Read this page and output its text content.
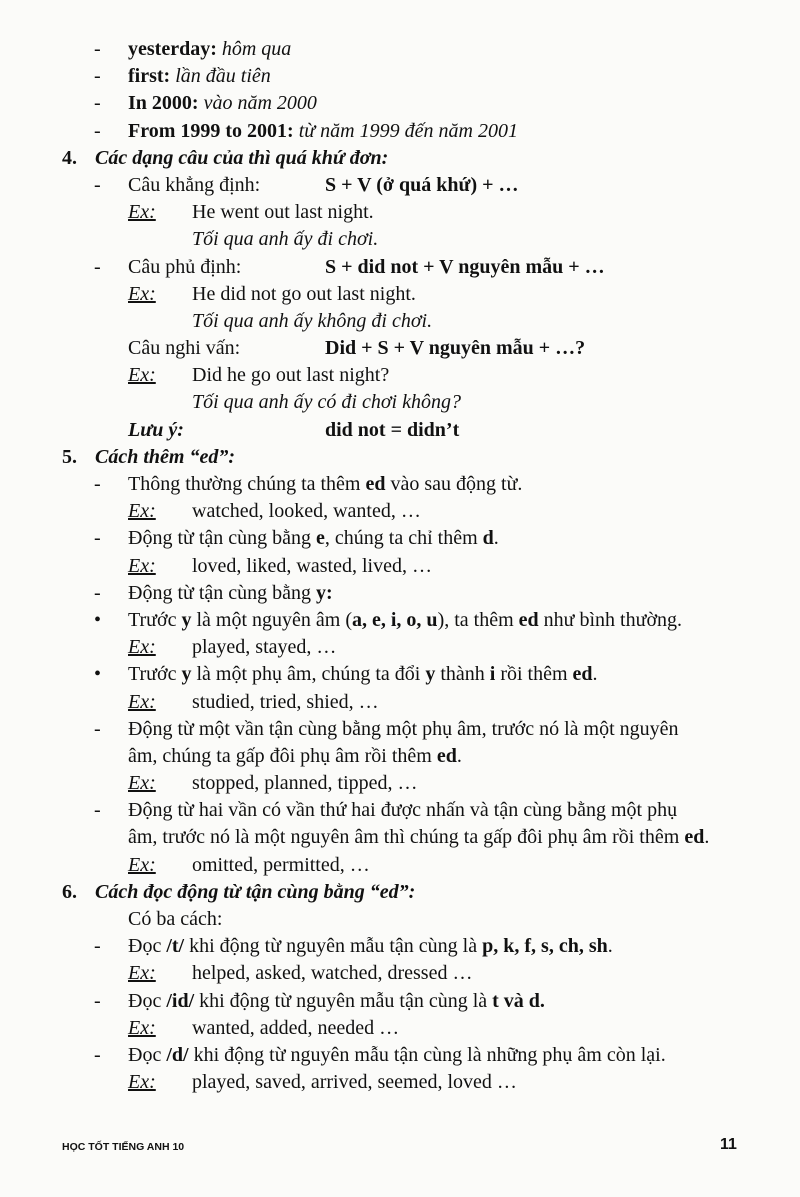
- yesterday: hôm qua
- first: lần đầu tiên
- In 2000: vào năm 2000
- From 1999 to 2001: từ năm 1999 đến năm 2001
4. Các dạng câu của thì quá khứ đơn:
- Câu khẳng định:	S + V (ở quá khứ) + …
Ex: He went out last night.
Tối qua anh ấy đi chơi.
- Câu phủ định:	S + did not + V nguyên mẫu + …
Ex: He did not go out last night.
Tối qua anh ấy không đi chơi.
Câu nghi vấn:	Did + S + V nguyên mẫu + …?
Ex: Did he go out last night?
Tối qua anh ấy có đi chơi không?
Lưu ý:	did not = didn’t
5. Cách thêm “ed”:
- Thông thường chúng ta thêm ed vào sau động từ.
Ex: watched, looked, wanted, …
- Động từ tận cùng bằng e, chúng ta chỉ thêm d.
Ex: loved, liked, wasted, lived, …
- Động từ tận cùng bằng y:
• Trước y là một nguyên âm (a, e, i, o, u), ta thêm ed như bình thường.
Ex: played, stayed, …
• Trước y là một phụ âm, chúng ta đổi y thành i rồi thêm ed.
Ex: studied, tried, shied, …
- Động từ một vần tận cùng bằng một phụ âm, trước nó là một nguyên
âm, chúng ta gấp đôi phụ âm rồi thêm ed.
Ex: stopped, planned, tipped, …
- Động từ hai vần có vần thứ hai được nhấn và tận cùng bằng một phụ
âm, trước nó là một nguyên âm thì chúng ta gấp đôi phụ âm rồi thêm ed.
Ex: omitted, permitted, …
6. Cách đọc động từ tận cùng bằng “ed”:
Có ba cách:
- Đọc /t/ khi động từ nguyên mẫu tận cùng là p, k, f, s, ch, sh.
Ex: helped, asked, watched, dressed …
- Đọc /id/ khi động từ nguyên mẫu tận cùng là t và d.
Ex: wanted, added, needed …
- Đọc /d/ khi động từ nguyên mẫu tận cùng là những phụ âm còn lại.
Ex: played, saved, arrived, seemed, loved …
HỌC TỐT TIẾNG ANH 10	11
